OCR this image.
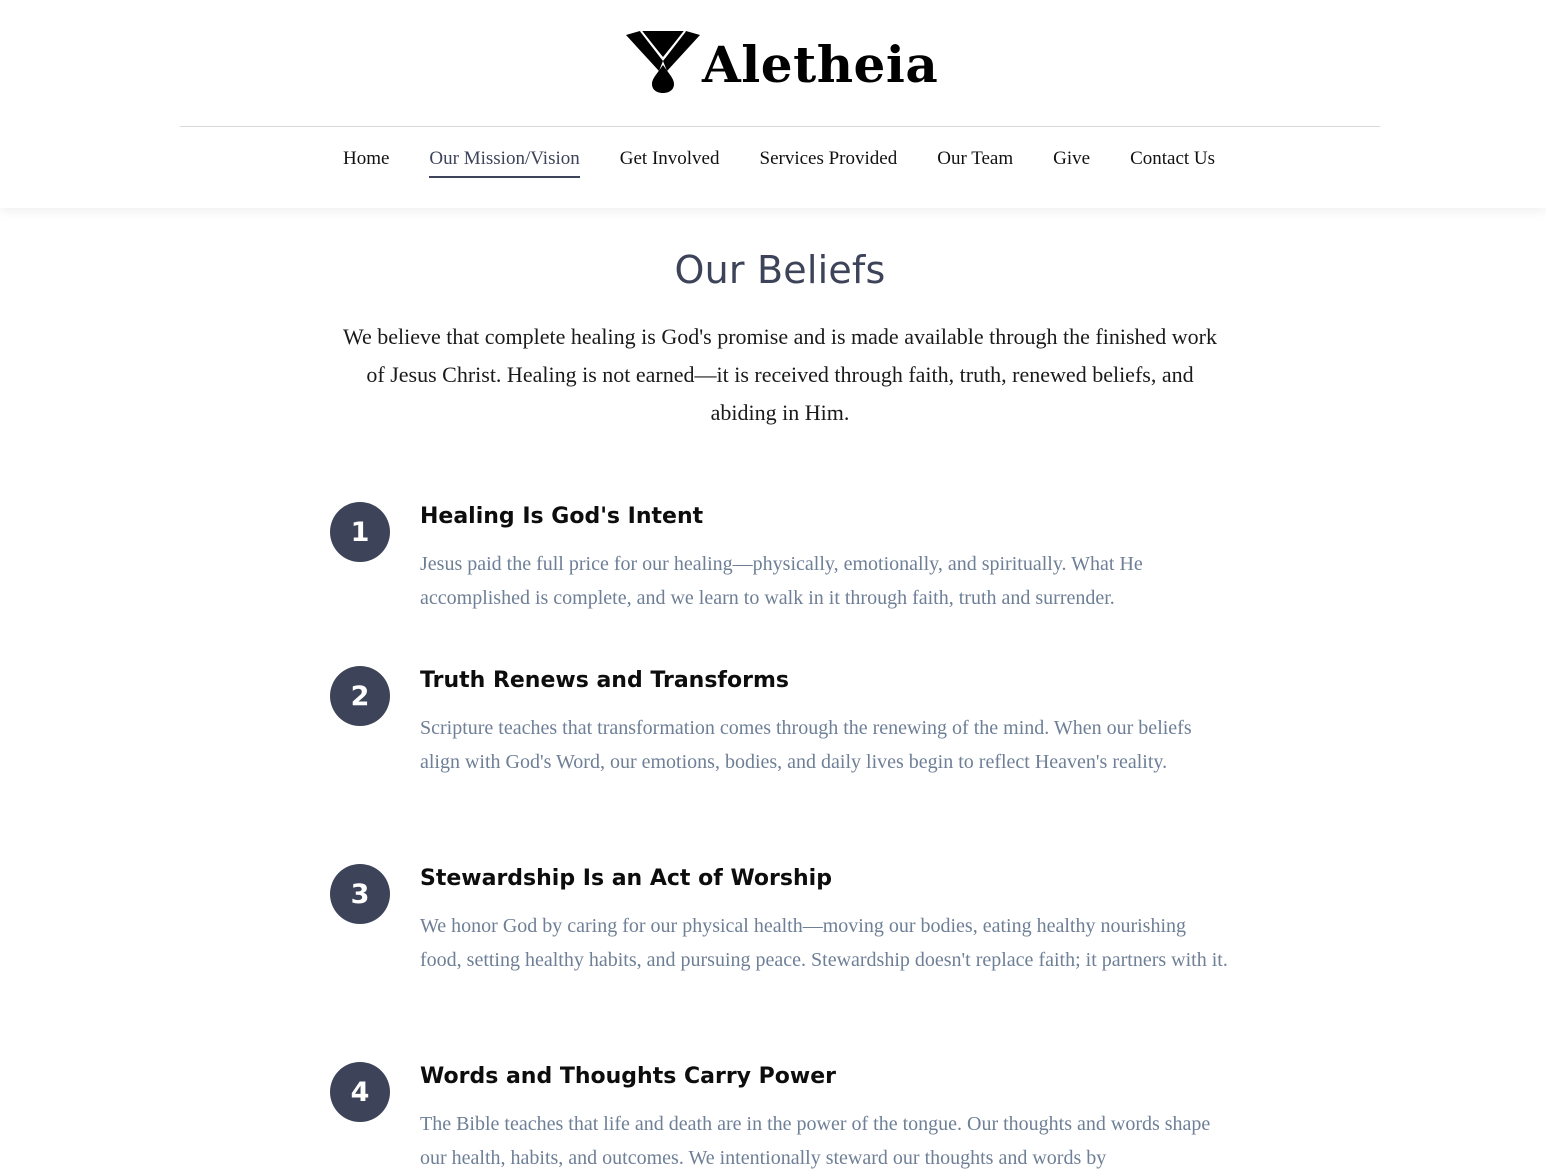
Aletheia
Home Our Mission/Vision Get Involved Services Provided Our Team Give Contact Us
Our Beliefs

We believe that complete healing is God's promise and is made available through the finished work of Jesus Christ. Healing is not earned—it is received through faith, truth, renewed beliefs, and abiding in Him.

1	Healing Is God's Intent

Jesus paid the full price for our healing—physically, emotionally, and spiritually. What He accomplished is complete, and we learn to walk in it through faith, truth and surrender.

2	Truth Renews and Transforms

Scripture teaches that transformation comes through the renewing of the mind. When our beliefs align with God's Word, our emotions, bodies, and daily lives begin to reflect Heaven's reality.

3	Stewardship Is an Act of Worship

We honor God by caring for our physical health—moving our bodies, eating healthy nourishing food, setting healthy habits, and pursuing peace. Stewardship doesn't replace faith; it partners with it.

4	Words and Thoughts Carry Power

The Bible teaches that life and death are in the power of the tongue. Our thoughts and words shape our health, habits, and outcomes. We intentionally steward our thoughts and words by
